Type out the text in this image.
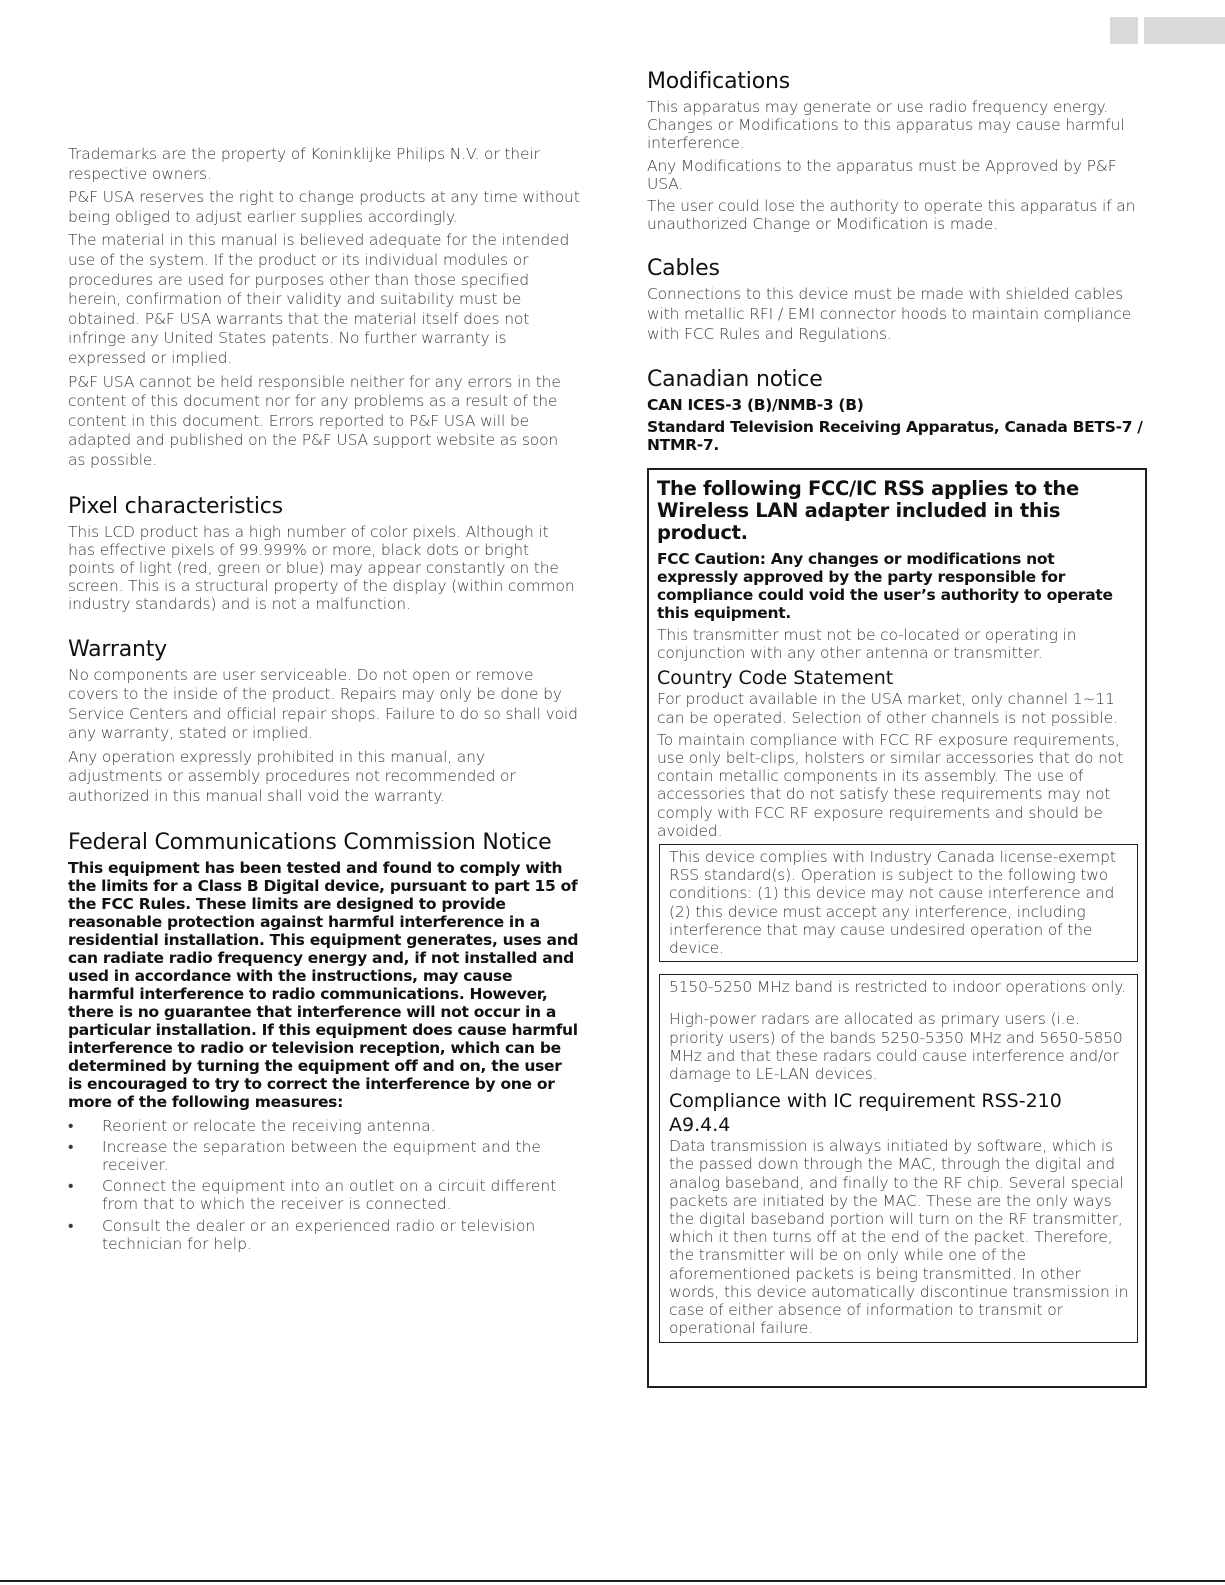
Trademarks are the property of Koninklijke Philips N.V. or their respective owners.

P&F USA reserves the right to change products at any time without being obliged to adjust earlier supplies accordingly.

The material in this manual is believed adequate for the intended use of the system. If the product or its individual modules or procedures are used for purposes other than those specified herein, confirmation of their validity and suitability must be obtained. P&F USA warrants that the material itself does not infringe any United States patents. No further warranty is expressed or implied.

P&F USA cannot be held responsible neither for any errors in the content of this document nor for any problems as a result of the content in this document. Errors reported to P&F USA will be adapted and published on the P&F USA support website as soon as possible.

Pixel characteristics

This LCD product has a high number of color pixels. Although it has effective pixels of 99.999% or more, black dots or bright points of light (red, green or blue) may appear constantly on the screen. This is a structural property of the display (within common industry standards) and is not a malfunction.

Warranty

No components are user serviceable. Do not open or remove covers to the inside of the product. Repairs may only be done by Service Centers and official repair shops. Failure to do so shall void any warranty, stated or implied.

Any operation expressly prohibited in this manual, any adjustments or assembly procedures not recommended or authorized in this manual shall void the warranty.

Federal Communications Commission Notice
This equipment has been tested and found to comply with the limits for a Class B Digital device, pursuant to part 15 of the FCC Rules. These limits are designed to provide reasonable protection against harmful interference in a residential installation. This equipment generates, uses and can radiate radio frequency energy and, if not installed and used in accordance with the instructions, may cause harmful interference to radio communications. However, there is no guarantee that interference will not occur in a particular installation. If this equipment does cause harmful interference to radio or television reception, which can be determined by turning the equipment off and on, the user is encouraged to try to correct the interference by one or more of the following measures:
• Reorient or relocate the receiving antenna.
• Increase the separation between the equipment and the receiver.
• Connect the equipment into an outlet on a circuit different from that to which the receiver is connected.
• Consult the dealer or an experienced radio or television technician for help.
Modifications

This apparatus may generate or use radio frequency energy. Changes or Modifications to this apparatus may cause harmful interference.

Any Modifications to the apparatus must be Approved by P&F USA.

The user could lose the authority to operate this apparatus if an unauthorized Change or Modification is made.

Cables

Connections to this device must be made with shielded cables with metallic RFI / EMI connector hoods to maintain compliance with FCC Rules and Regulations.

Canadian notice
CAN ICES-3 (B)/NMB-3 (B)
Standard Television Receiving Apparatus, Canada BETS-7 / NTMR-7.
The following FCC/IC RSS applies to the Wireless LAN adapter included in this product.
FCC Caution: Any changes or modifications not expressly approved by the party responsible for compliance could void the user’s authority to operate this equipment.

This transmitter must not be co-located or operating in conjunction with any other antenna or transmitter.

Country Code Statement

For product available in the USA market, only channel 1~11 can be operated. Selection of other channels is not possible.

To maintain compliance with FCC RF exposure requirements, use only belt-clips, holsters or similar accessories that do not contain metallic components in its assembly. The use of accessories that do not satisfy these requirements may not comply with FCC RF exposure requirements and should be avoided.

This device complies with Industry Canada license-exempt RSS standard(s). Operation is subject to the following two conditions: (1) this device may not cause interference and (2) this device must accept any interference, including interference that may cause undesired operation of the device.

5150-5250 MHz band is restricted to indoor operations only.

High-power radars are allocated as primary users (i.e. priority users) of the bands 5250-5350 MHz and 5650-5850 MHz and that these radars could cause interference and/or damage to LE-LAN devices.

Compliance with IC requirement RSS-210 A9.4.4

Data transmission is always initiated by software, which is the passed down through the MAC, through the digital and analog baseband, and finally to the RF chip. Several special packets are initiated by the MAC. These are the only ways the digital baseband portion will turn on the RF transmitter, which it then turns off at the end of the packet. Therefore, the transmitter will be on only while one of the aforementioned packets is being transmitted. In other words, this device automatically discontinue transmission in case of either absence of information to transmit or operational failure.
